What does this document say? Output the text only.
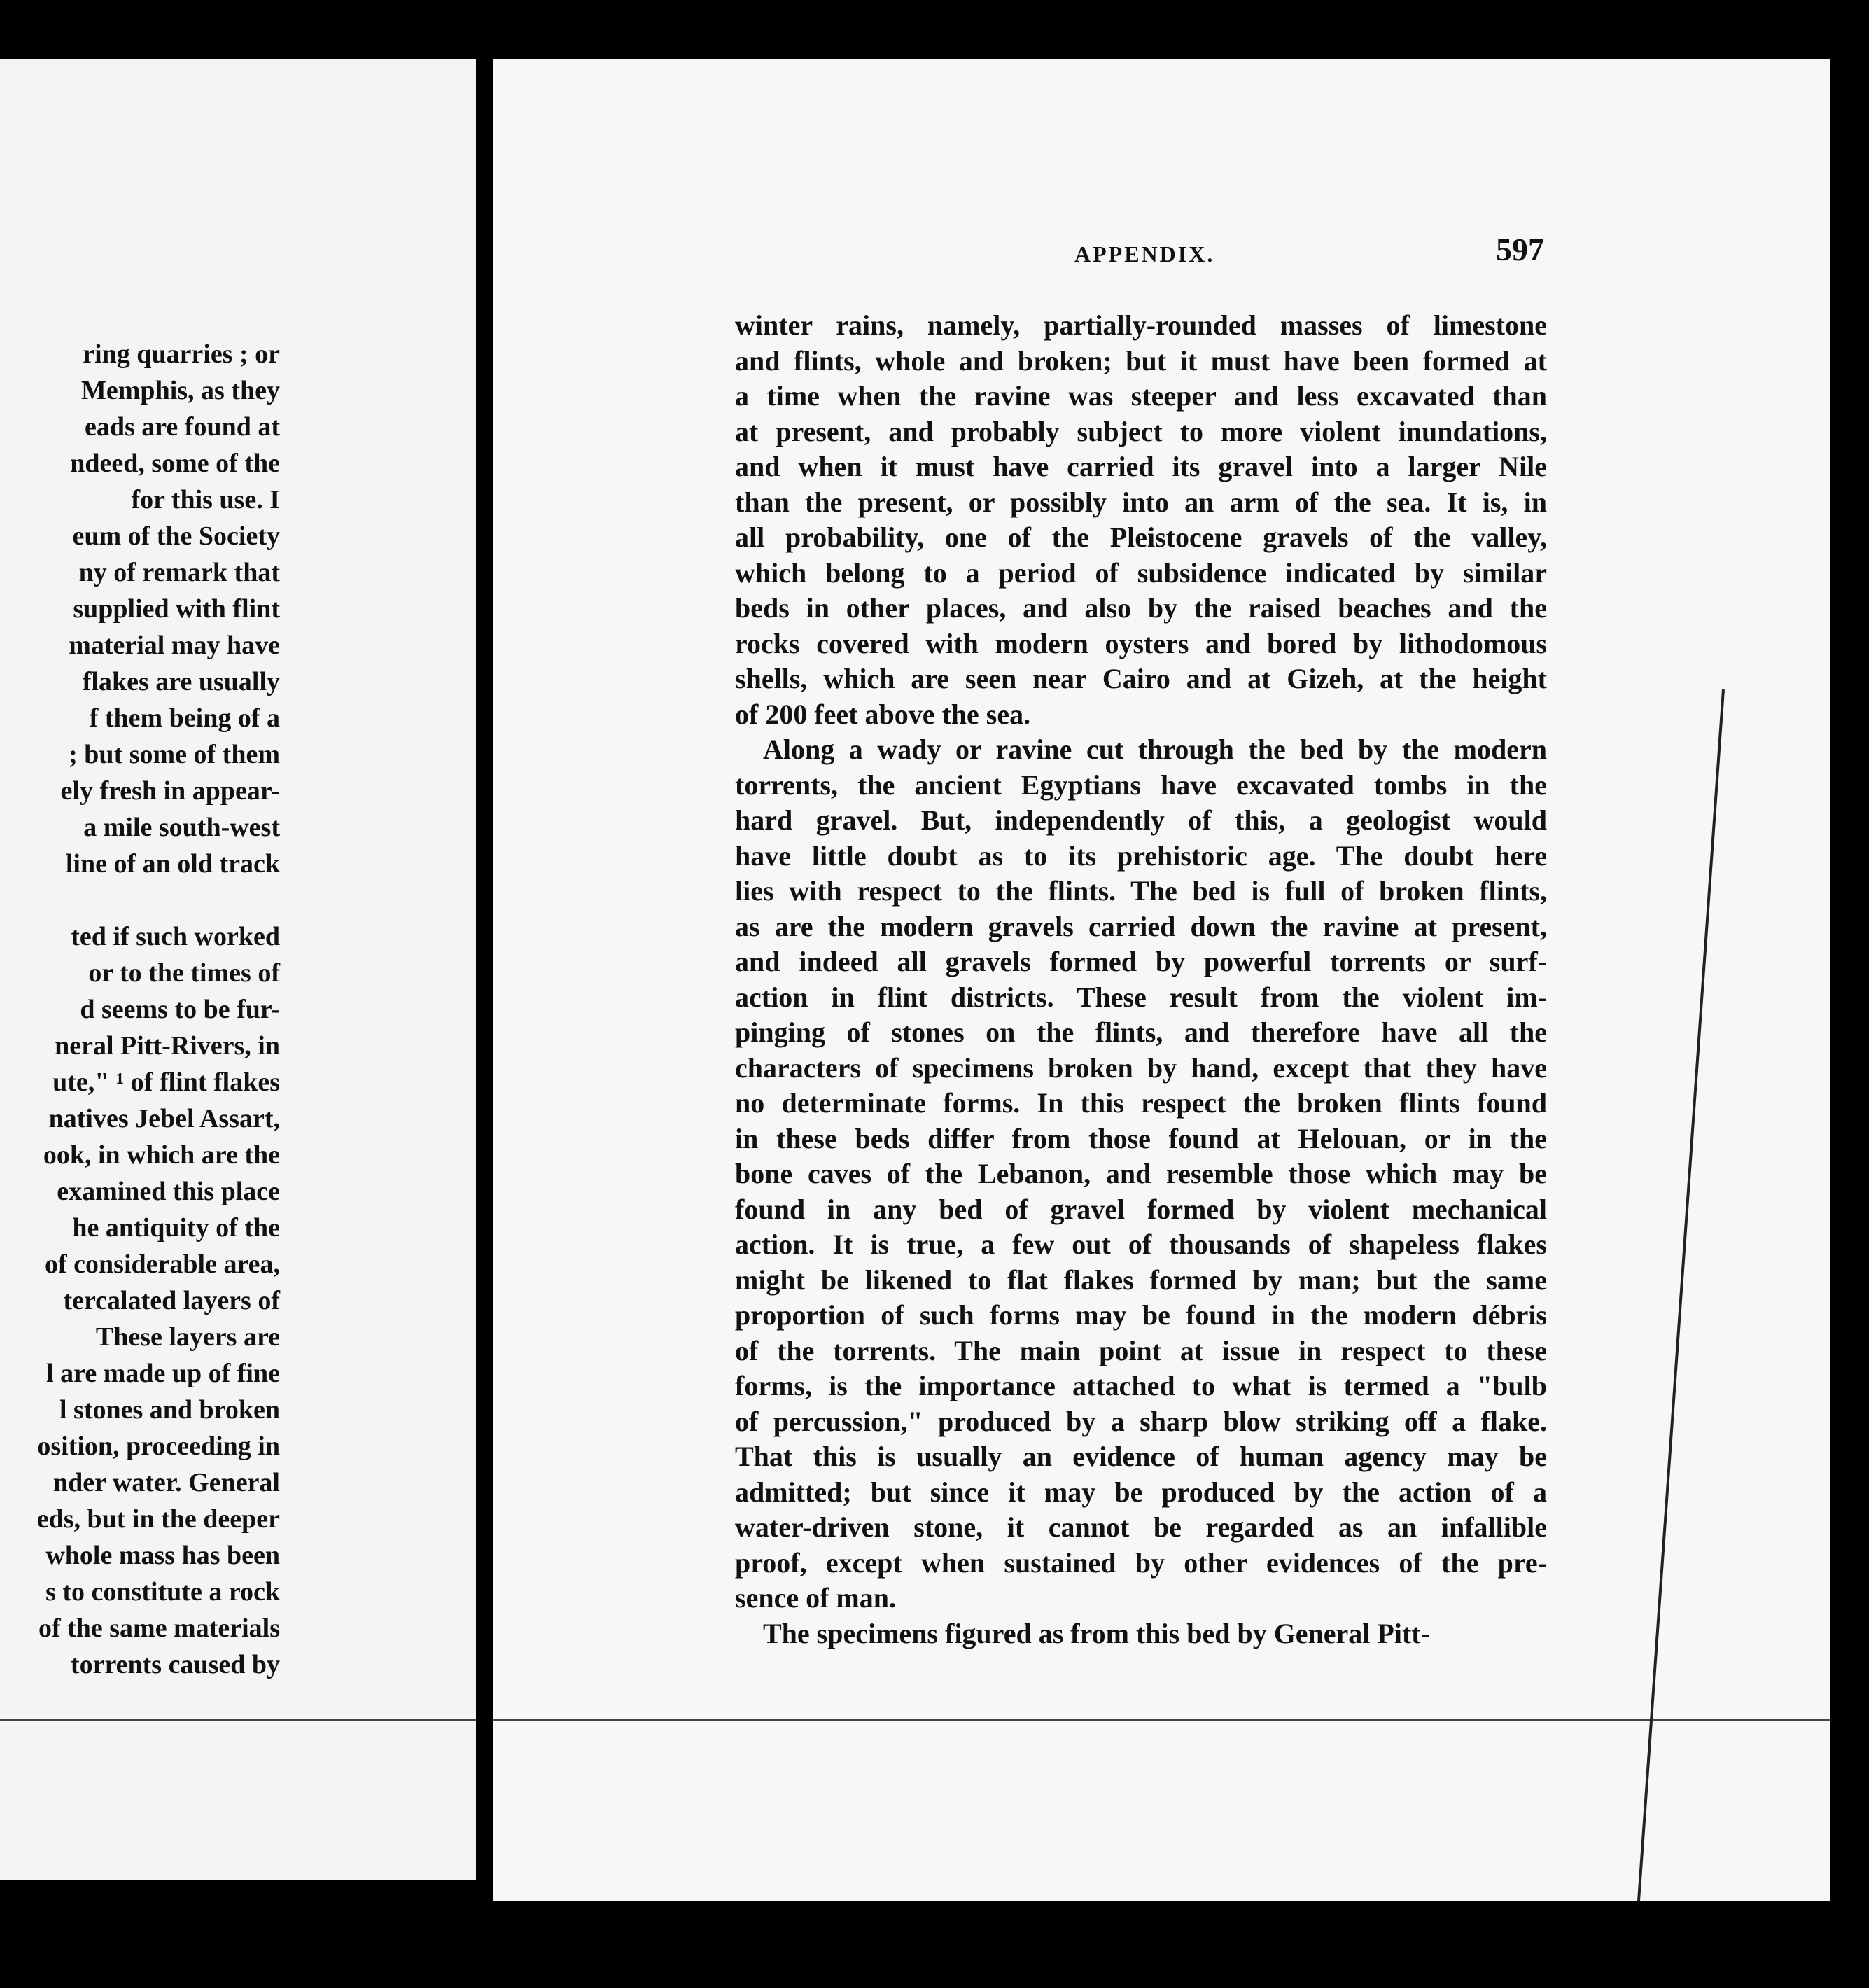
ring quarries ; or
Memphis, as they
eads are found at
ndeed, some of the
for this use. I
eum of the Society
ny of remark that
supplied with flint
material may have
flakes are usually
f them being of a
; but some of them
ely fresh in appear-
a mile south-west
line of an old track
ted if such worked
or to the times of
d seems to be fur-
neral Pitt-Rivers, in
ute," ¹ of flint flakes
natives Jebel Assart,
ook, in which are the
examined this place
he antiquity of the
of considerable area,
tercalated layers of
These layers are
l are made up of fine
l stones and broken
osition, proceeding in
nder water. General
eds, but in the deeper
whole mass has been
s to constitute a rock
of the same materials
torrents caused by
APPENDIX.	597
winter rains, namely, partially-rounded masses of limestone
and flints, whole and broken; but it must have been formed at
a time when the ravine was steeper and less excavated than
at present, and probably subject to more violent inundations,
and when it must have carried its gravel into a larger Nile
than the present, or possibly into an arm of the sea. It is, in
all probability, one of the Pleistocene gravels of the valley,
which belong to a period of subsidence indicated by similar
beds in other places, and also by the raised beaches and the
rocks covered with modern oysters and bored by lithodomous
shells, which are seen near Cairo and at Gizeh, at the height
of 200 feet above the sea.
Along a wady or ravine cut through the bed by the modern
torrents, the ancient Egyptians have excavated tombs in the
hard gravel. But, independently of this, a geologist would
have little doubt as to its prehistoric age. The doubt here
lies with respect to the flints. The bed is full of broken flints,
as are the modern gravels carried down the ravine at present,
and indeed all gravels formed by powerful torrents or surf-
action in flint districts. These result from the violent im-
pinging of stones on the flints, and therefore have all the
characters of specimens broken by hand, except that they have
no determinate forms. In this respect the broken flints found
in these beds differ from those found at Helouan, or in the
bone caves of the Lebanon, and resemble those which may be
found in any bed of gravel formed by violent mechanical
action. It is true, a few out of thousands of shapeless flakes
might be likened to flat flakes formed by man; but the same
proportion of such forms may be found in the modern débris
of the torrents. The main point at issue in respect to these
forms, is the importance attached to what is termed a "bulb
of percussion," produced by a sharp blow striking off a flake.
That this is usually an evidence of human agency may be
admitted; but since it may be produced by the action of a
water-driven stone, it cannot be regarded as an infallible
proof, except when sustained by other evidences of the pre-
sence of man.
The specimens figured as from this bed by General Pitt-
